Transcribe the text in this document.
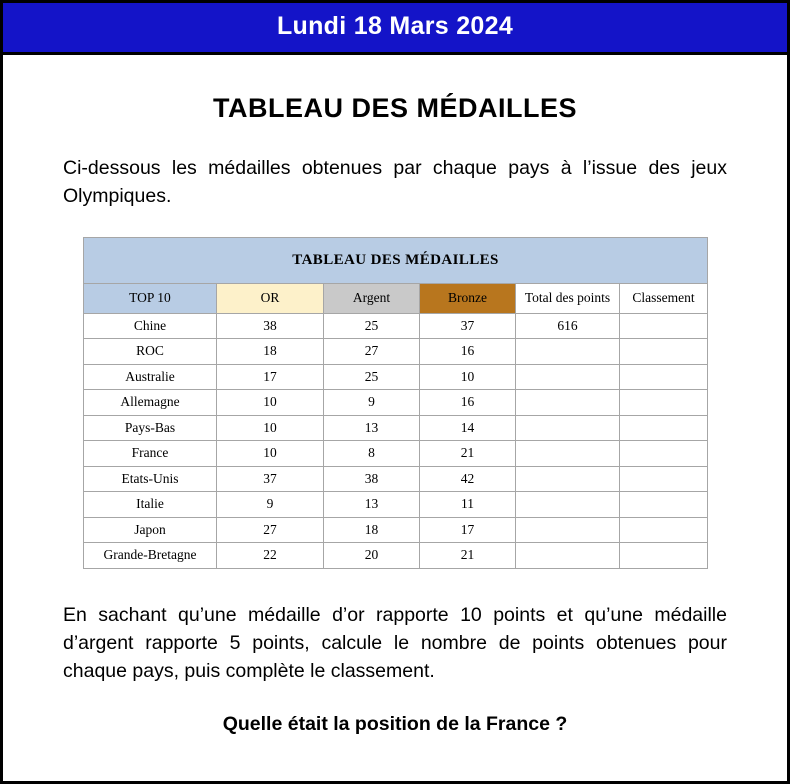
Lundi 18 Mars 2024
TABLEAU DES MÉDAILLES

Ci-dessous les médailles obtenues par chaque pays à l’issue des jeux Olympiques.

TABLEAU DES MÉDAILLES					
TOP 10	OR	Argent	Bronze	Total des points	Classement
Chine	38	25	37	616	
ROC	18	27	16		
Australie	17	25	10		
Allemagne	10	9	16		
Pays-Bas	10	13	14		
France	10	8	21		
Etats-Unis	37	38	42		
Italie	9	13	11		
Japon	27	18	17		
Grande-Bretagne	22	20	21		

En sachant qu’une médaille d’or rapporte 10 points et qu’une médaille d’argent rapporte 5 points, calcule le nombre de points obtenues pour chaque pays, puis complète le classement.

Quelle était la position de la France ?
